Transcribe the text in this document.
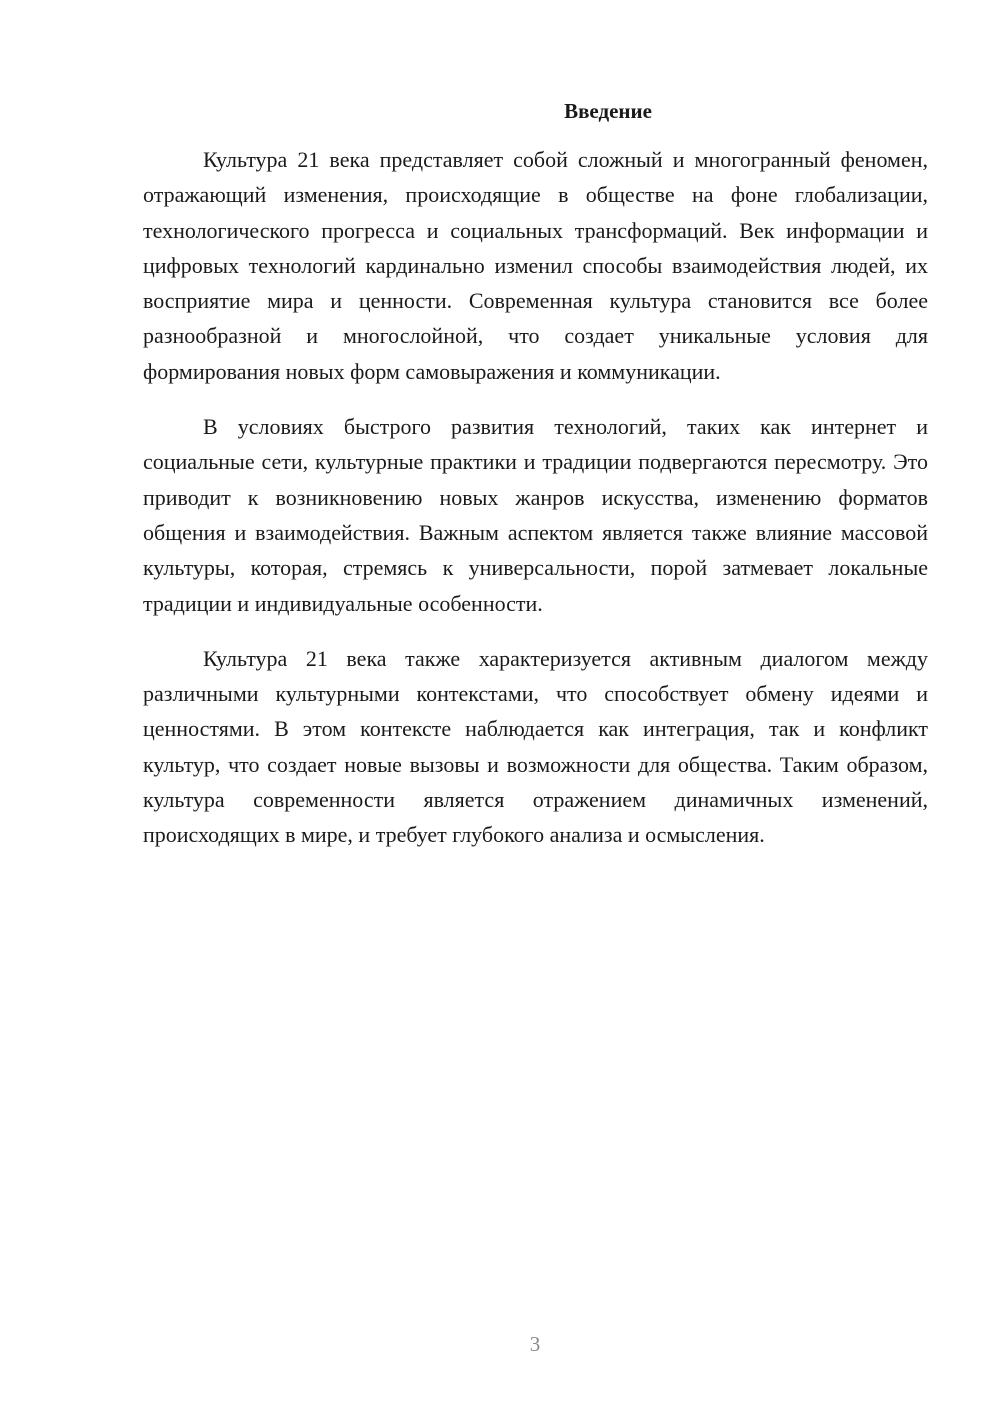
Введение

Культура 21 века представляет собой сложный и многогранный феномен, отражающий изменения, происходящие в обществе на фоне глобализации, технологического прогресса и социальных трансформаций. Век информации и цифровых технологий кардинально изменил способы взаимодействия людей, их восприятие мира и ценности. Современная культура становится все более разнообразной и многослойной, что создает уникальные условия для формирования новых форм самовыражения и коммуникации.

В условиях быстрого развития технологий, таких как интернет и социальные сети, культурные практики и традиции подвергаются пересмотру. Это приводит к возникновению новых жанров искусства, изменению форматов общения и взаимодействия. Важным аспектом является также влияние массовой культуры, которая, стремясь к универсальности, порой затмевает локальные традиции и индивидуальные особенности.

Культура 21 века также характеризуется активным диалогом между различными культурными контекстами, что способствует обмену идеями и ценностями. В этом контексте наблюдается как интеграция, так и конфликт культур, что создает новые вызовы и возможности для общества. Таким образом, культура современности является отражением динамичных изменений, происходящих в мире, и требует глубокого анализа и осмысления.

3
